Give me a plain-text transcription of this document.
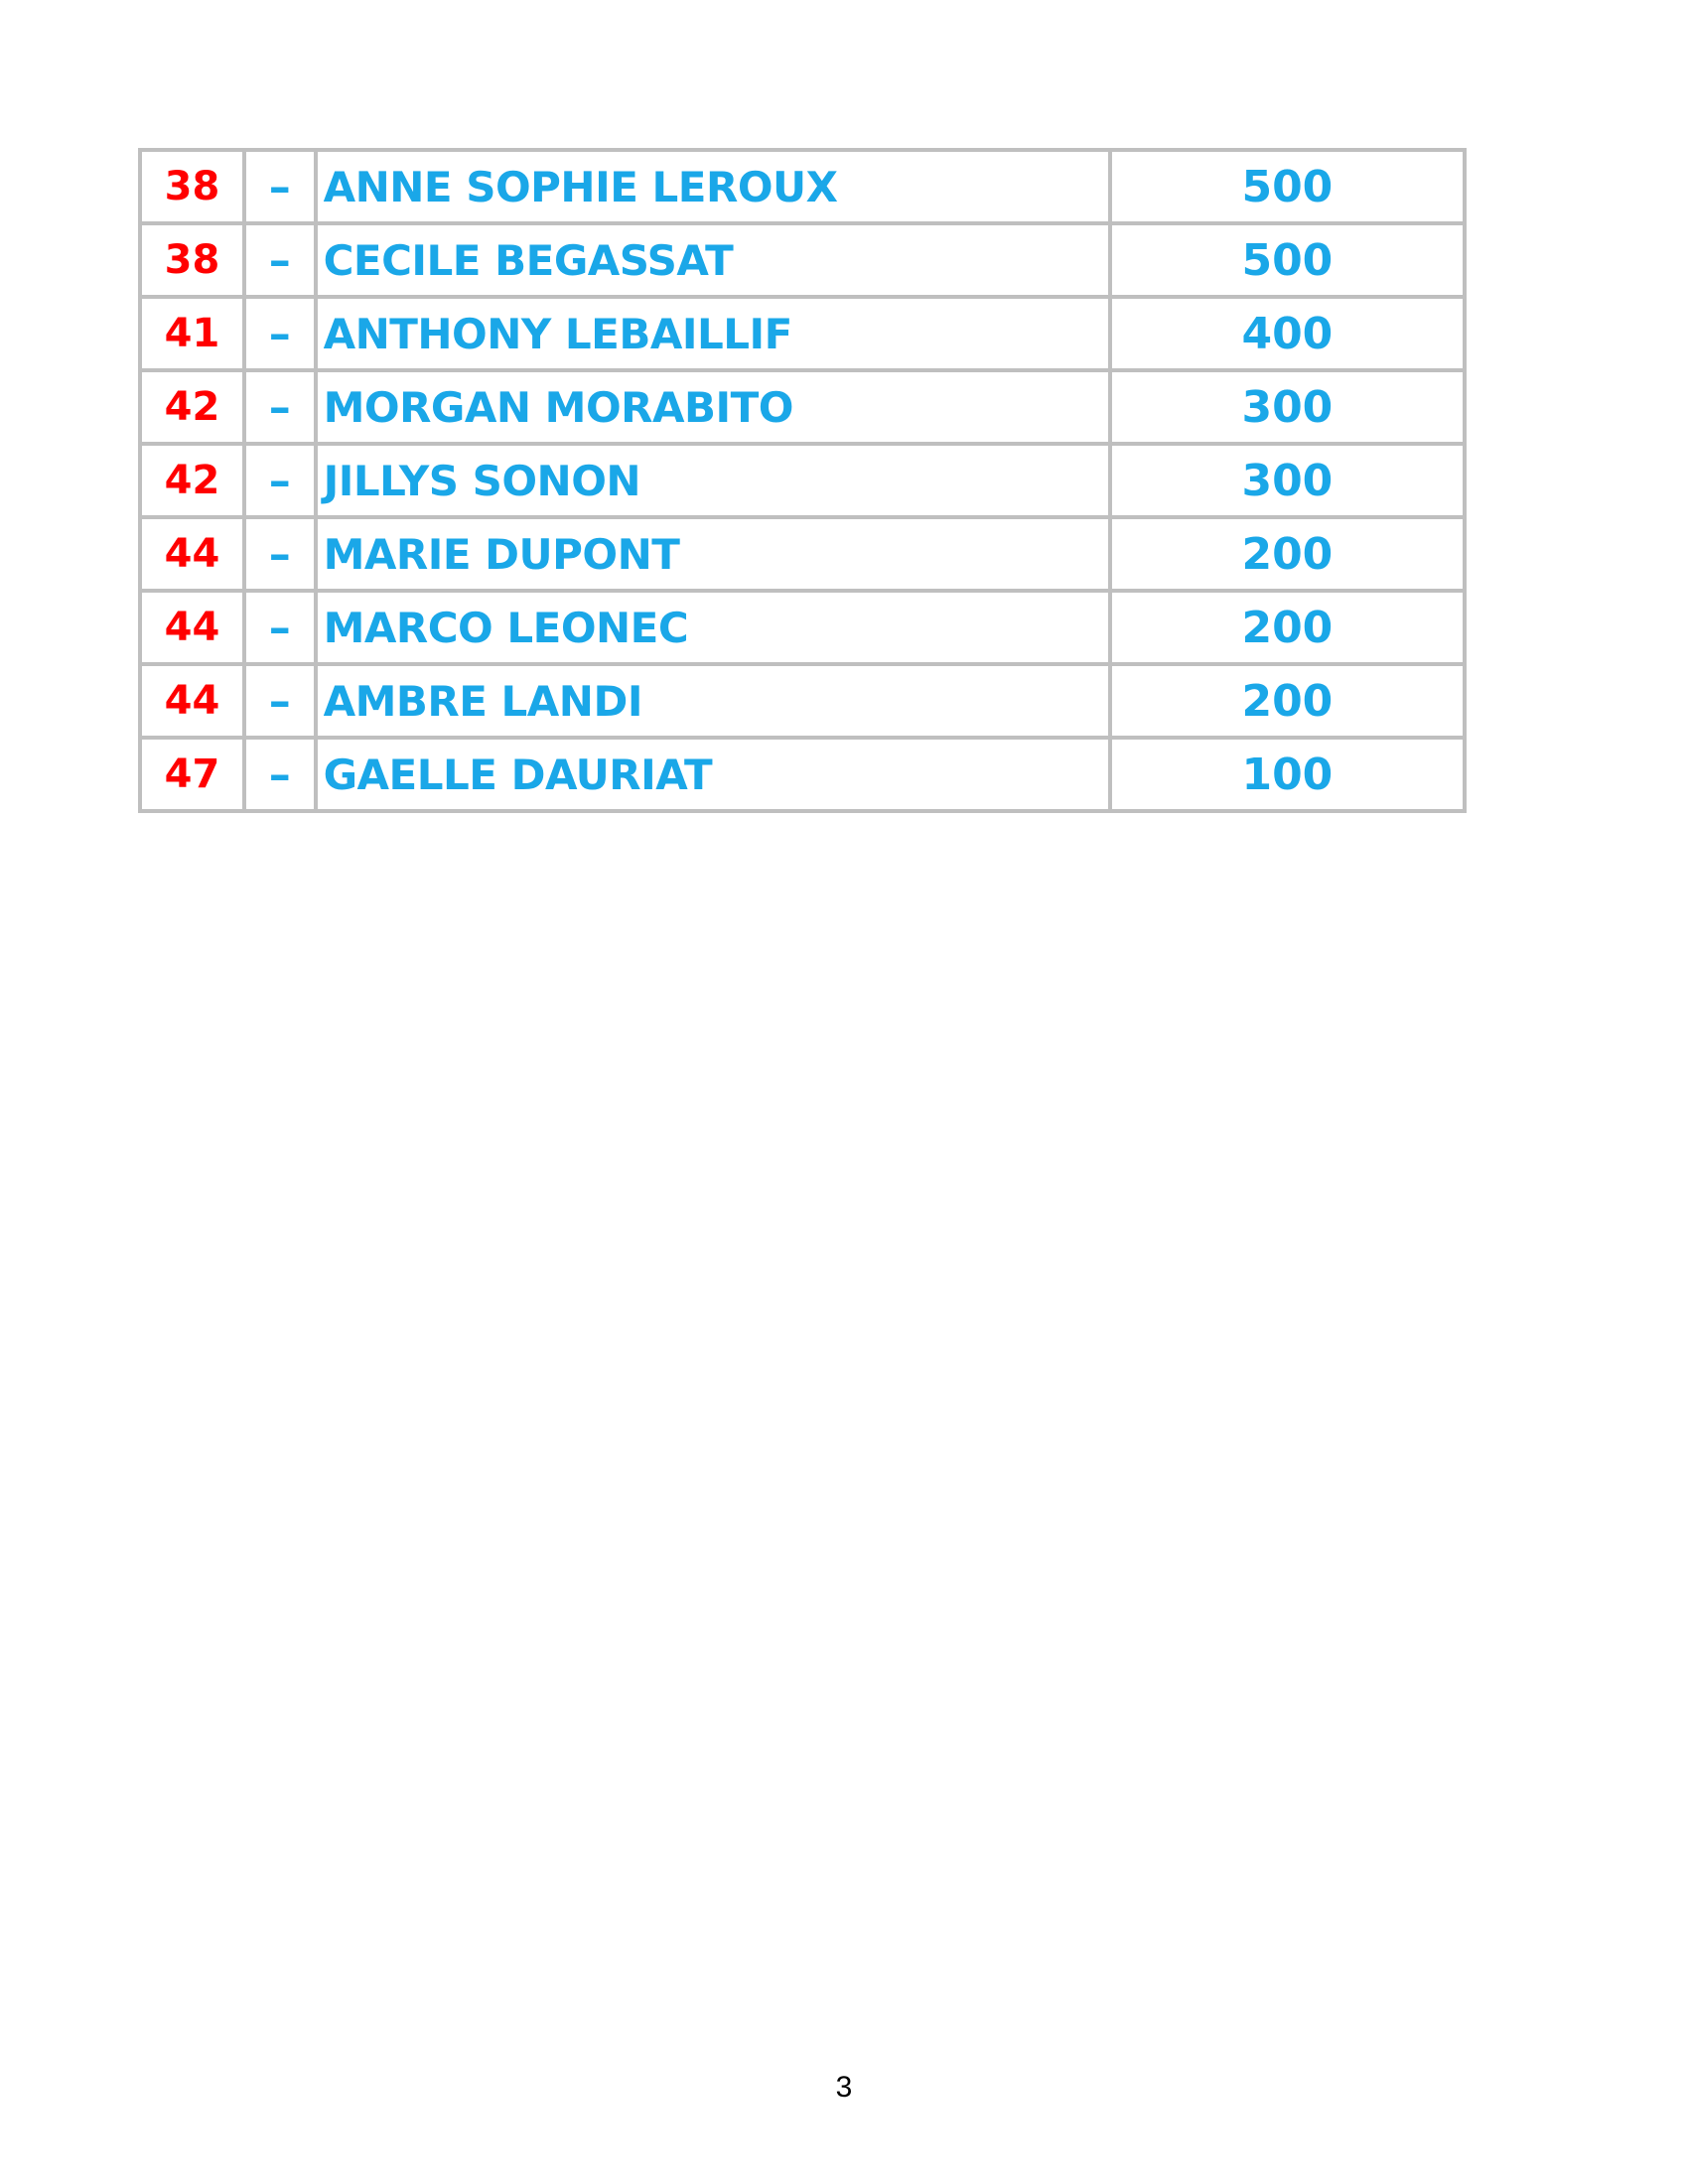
38	–	ANNE SOPHIE LEROUX	500
38	–	CECILE BEGASSAT	500
41	–	ANTHONY LEBAILLIF	400
42	–	MORGAN MORABITO	300
42	–	JILLYS SONON	300
44	–	MARIE DUPONT	200
44	–	MARCO LEONEC	200
44	–	AMBRE LANDI	200
47	–	GAELLE DAURIAT	100
3
